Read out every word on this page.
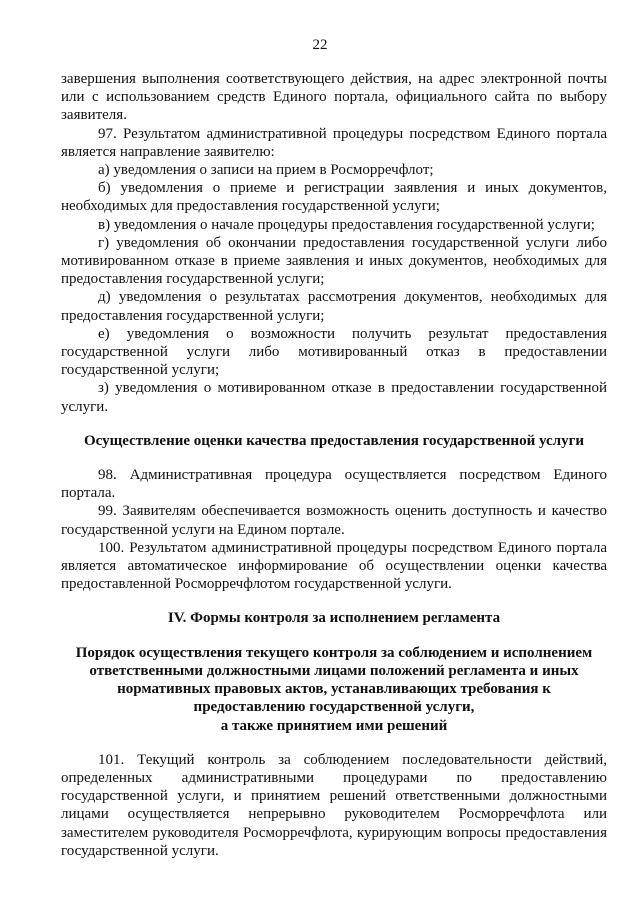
22

завершения выполнения соответствующего действия, на адрес электронной почты или с использованием средств Единого портала, официального сайта по выбору заявителя.

97. Результатом административной процедуры посредством Единого портала является направление заявителю:

а) уведомления о записи на прием в Росморречфлот;

б) уведомления о приеме и регистрации заявления и иных документов, необходимых для предоставления государственной услуги;

в) уведомления о начале процедуры предоставления государственной услуги;

г) уведомления об окончании предоставления государственной услуги либо мотивированном отказе в приеме заявления и иных документов, необходимых для предоставления государственной услуги;

д) уведомления о результатах рассмотрения документов, необходимых для предоставления государственной услуги;

е) уведомления о возможности получить результат предоставления государственной услуги либо мотивированный отказ в предоставлении государственной услуги;

з) уведомления о мотивированном отказе в предоставлении государственной услуги.

Осуществление оценки качества предоставления государственной услуги

98. Административная процедура осуществляется посредством Единого портала.

99. Заявителям обеспечивается возможность оценить доступность и качество государственной услуги на Едином портале.

100. Результатом административной процедуры посредством Единого портала является автоматическое информирование об осуществлении оценки качества предоставленной Росморречфлотом государственной услуги.

IV. Формы контроля за исполнением регламента
Порядок осуществления текущего контроля за соблюдением и исполнением
ответственными должностными лицами положений регламента и иных
нормативных правовых актов, устанавливающих требования к
предоставлению государственной услуги,
а также принятием ими решений

101. Текущий контроль за соблюдением последовательности действий, определенных административными процедурами по предоставлению государственной услуги, и принятием решений ответственными должностными лицами осуществляется непрерывно руководителем Росморречфлота или заместителем руководителя Росморречфлота, курирующим вопросы предоставления государственной услуги.
